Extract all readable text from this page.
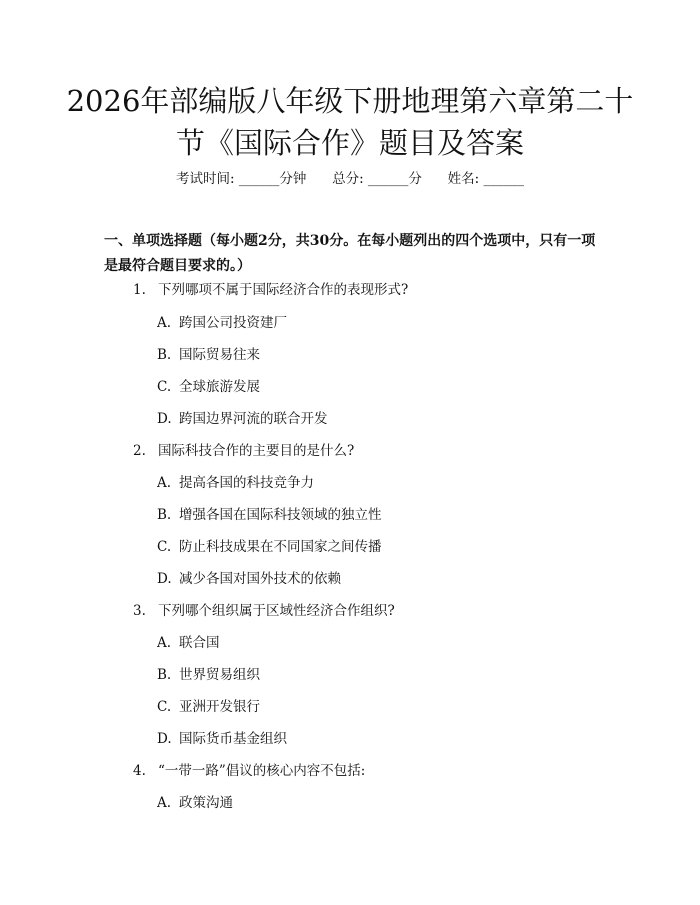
2026年部编版八年级下册地理第六章第二十节《国际合作》题目及答案
考试时间: ______分钟      总分: ______分      姓名: ______
一、单项选择题（每小题2分，共30分。在每小题列出的四个选项中，只有一项是最符合题目要求的。）
1. 下列哪项不属于国际经济合作的表现形式?
A. 跨国公司投资建厂
B. 国际贸易往来
C. 全球旅游发展
D. 跨国边界河流的联合开发
2. 国际科技合作的主要目的是什么?
A. 提高各国的科技竞争力
B. 增强各国在国际科技领域的独立性
C. 防止科技成果在不同国家之间传播
D. 减少各国对国外技术的依赖
3. 下列哪个组织属于区域性经济合作组织?
A. 联合国
B. 世界贸易组织
C. 亚洲开发银行
D. 国际货币基金组织
4. “一带一路”倡议的核心内容不包括:
A. 政策沟通
